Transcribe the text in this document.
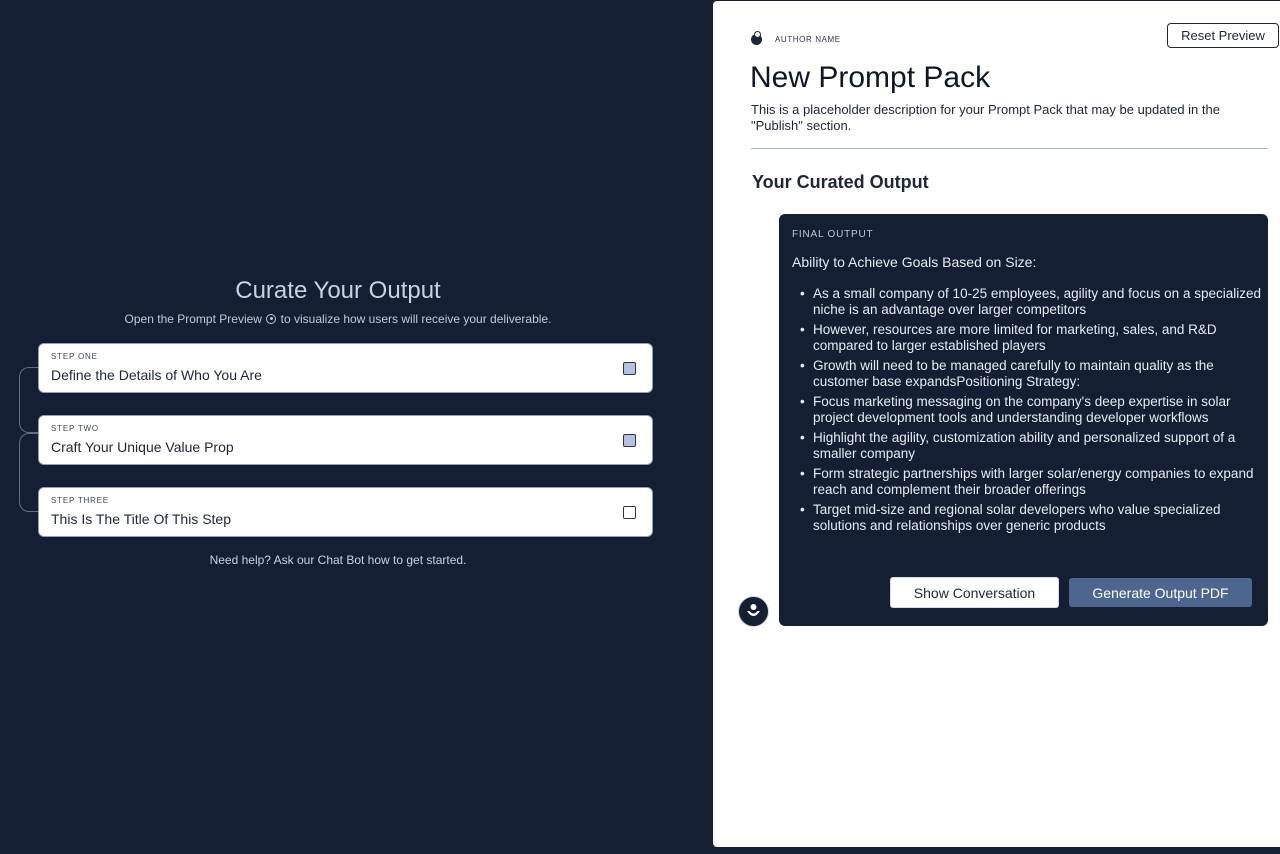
Curate Your Output

Open the Prompt Preview to visualize how users will receive your deliverable.

STEP ONE
Define the Details of Who You Are
STEP TWO
Craft Your Unique Value Prop
STEP THREE
This Is The Title Of This Step

Need help? Ask our Chat Bot how to get started.

Reset Preview
AUTHOR NAME
New Prompt Pack

This is a placeholder description for your Prompt Pack that may be updated in the "Publish" section.

Your Curated Output
FINAL OUTPUT

Ability to Achieve Goals Based on Size:

• As a small company of 10-25 employees, agility and focus on a specialized niche is an advantage over larger competitors
• However, resources are more limited for marketing, sales, and R&D compared to larger established players
• Growth will need to be managed carefully to maintain quality as the customer base expandsPositioning Strategy:
• Focus marketing messaging on the company's deep expertise in solar project development tools and understanding developer workflows
• Highlight the agility, customization ability and personalized support of a smaller company
• Form strategic partnerships with larger solar/energy companies to expand reach and complement their broader offerings
• Target mid-size and regional solar developers who value specialized solutions and relationships over generic products
Show Conversation	Generate Output PDF
